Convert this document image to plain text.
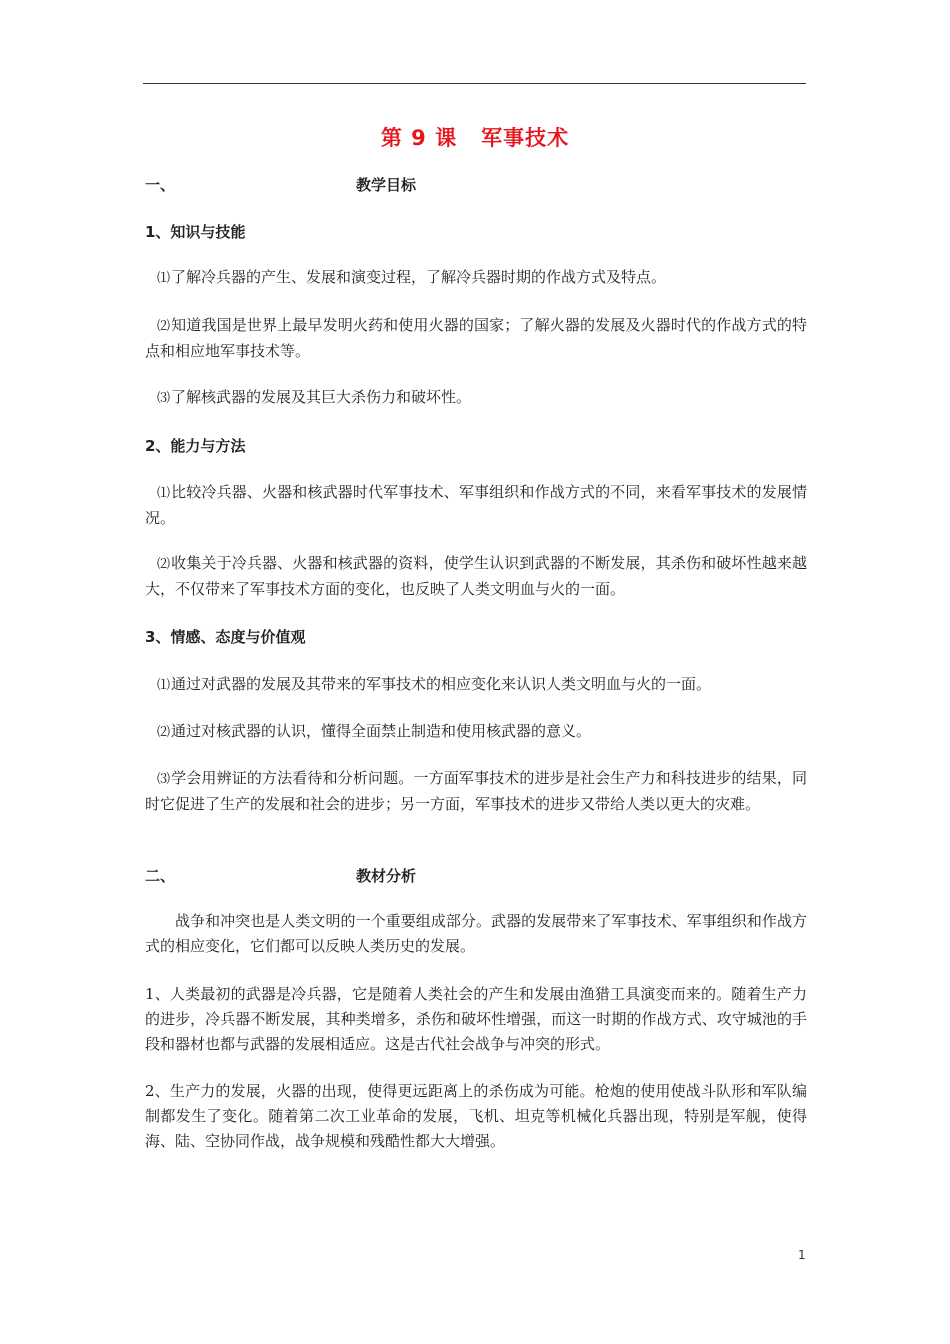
第 9 课 军事技术
一、	教学目标
1、知识与技能
⑴了解冷兵器的产生、发展和演变过程，了解冷兵器时期的作战方式及特点。
⑵知道我国是世界上最早发明火药和使用火器的国家；了解火器的发展及火器时代的作战方式的特点和相应地军事技术等。
⑶了解核武器的发展及其巨大杀伤力和破坏性。
2、能力与方法
⑴比较冷兵器、火器和核武器时代军事技术、军事组织和作战方式的不同，来看军事技术的发展情况。
⑵收集关于冷兵器、火器和核武器的资料，使学生认识到武器的不断发展，其杀伤和破坏性越来越大，不仅带来了军事技术方面的变化，也反映了人类文明血与火的一面。
3、情感、态度与价值观
⑴通过对武器的发展及其带来的军事技术的相应变化来认识人类文明血与火的一面。
⑵通过对核武器的认识，懂得全面禁止制造和使用核武器的意义。
⑶学会用辨证的方法看待和分析问题。一方面军事技术的进步是社会生产力和科技进步的结果，同时它促进了生产的发展和社会的进步；另一方面，军事技术的进步又带给人类以更大的灾难。
二、	教材分析
战争和冲突也是人类文明的一个重要组成部分。武器的发展带来了军事技术、军事组织和作战方式的相应变化，它们都可以反映人类历史的发展。
1、人类最初的武器是冷兵器，它是随着人类社会的产生和发展由渔猎工具演变而来的。随着生产力的进步，冷兵器不断发展，其种类增多，杀伤和破坏性增强，而这一时期的作战方式、攻守城池的手段和器材也都与武器的发展相适应。这是古代社会战争与冲突的形式。
2、生产力的发展，火器的出现，使得更远距离上的杀伤成为可能。枪炮的使用使战斗队形和军队编制都发生了变化。随着第二次工业革命的发展，飞机、坦克等机械化兵器出现，特别是军舰，使得海、陆、空协同作战，战争规模和残酷性都大大增强。
1
